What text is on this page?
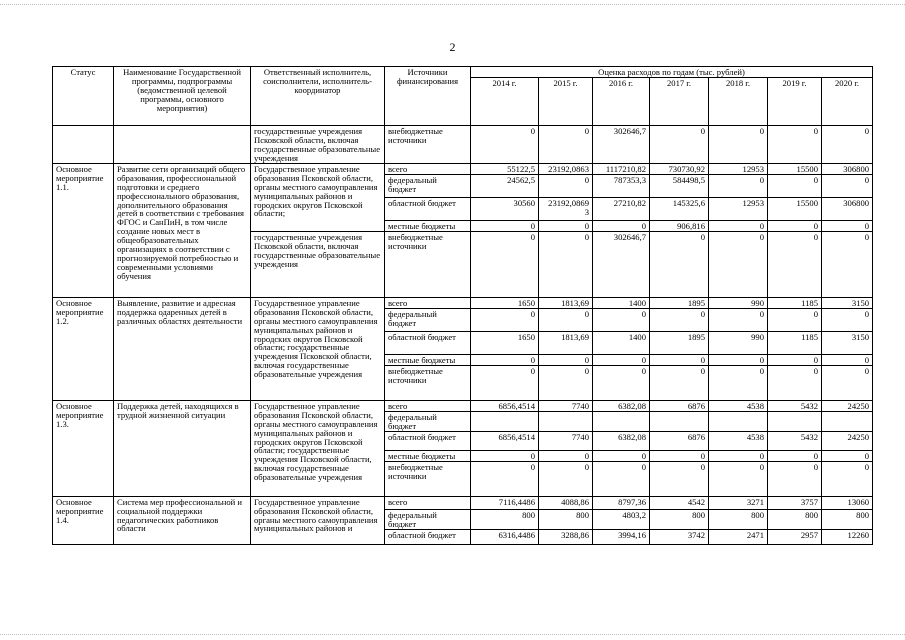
2
Статус	Наименование Государственной программы, подпрограммы (ведомственной целевой программы, основного мероприятия)	Ответственный исполнитель, соисполнители, исполнитель-координатор	Источники финансирования	Оценка расходов по годам (тыс. рублей)						
				2014 г.	2015 г.	2016 г.	2017 г.	2018 г.	2019 г.	2020 г.
		государственные учреждения Псковской области, включая государственные образовательные учреждения	внебюджетные источники	0	0	302646,7	0	0	0	0
Основное мероприятие 1.1.	Развитие сети организаций общего образования, профессиональной подготовки и среднего профессионального образования, дополнительного образования детей в соответствии с требования ФГОС и СанПиН, в том числе создание новых мест в общеобразовательных организациях в соответствии с прогнозируемой потребностью и современными условиями обучения	Государственное управление образования Псковской области, органы местного самоуправления муниципальных районов и городских округов Псковской области;	всего	55122,5	23192,0863	1117210,82	730730,92	12953	15500	306800
			федеральный бюджет	24562,5	0	787353,3	584498,5	0	0	0
			областной бюджет	30560	23192,0869 3	27210,82	145325,6	12953	15500	306800
			местные бюджеты	0	0	0	906,816	0	0	0
		государственные учреждения Псковской области, включая государственные образовательные учреждения	внебюджетные источники	0	0	302646,7	0	0	0	0
Основное мероприятие 1.2.	Выявление, развитие и адресная поддержка одаренных детей в различных областях деятельности	Государственное управление образования Псковской области, органы местного самоуправления муниципальных районов и городских округов Псковской области; государственные учреждения Псковской области, включая государственные образовательные учреждения	всего	1650	1813,69	1400	1895	990	1185	3150
			федеральный бюджет	0	0	0	0	0	0	0
			областной бюджет	1650	1813,69	1400	1895	990	1185	3150
			местные бюджеты	0	0	0	0	0	0	0
			внебюджетные источники	0	0	0	0	0	0	0
Основное мероприятие 1.3.	Поддержка детей, находящихся в трудной жизненной ситуации	Государственное управление образования Псковской области, органы местного самоуправления муниципальных районов и городских округов Псковской области; государственные учреждения Псковской области, включая государственные образовательные учреждения	всего	6856,4514	7740	6382,08	6876	4538	5432	24250
			федеральный бюджет							
			областной бюджет	6856,4514	7740	6382,08	6876	4538	5432	24250
			местные бюджеты	0	0	0	0	0	0	0
			внебюджетные источники	0	0	0	0	0	0	0
Основное мероприятие 1.4.	Система мер профессиональной и социальной поддержки педагогических работников области	Государственное управление образования Псковской области, органы местного самоуправления муниципальных районов и	всего	7116,4486	4088,86	8797,36	4542	3271	3757	13060
			федеральный бюджет	800	800	4803,2	800	800	800	800
			областной бюджет	6316,4486	3288,86	3994,16	3742	2471	2957	12260
